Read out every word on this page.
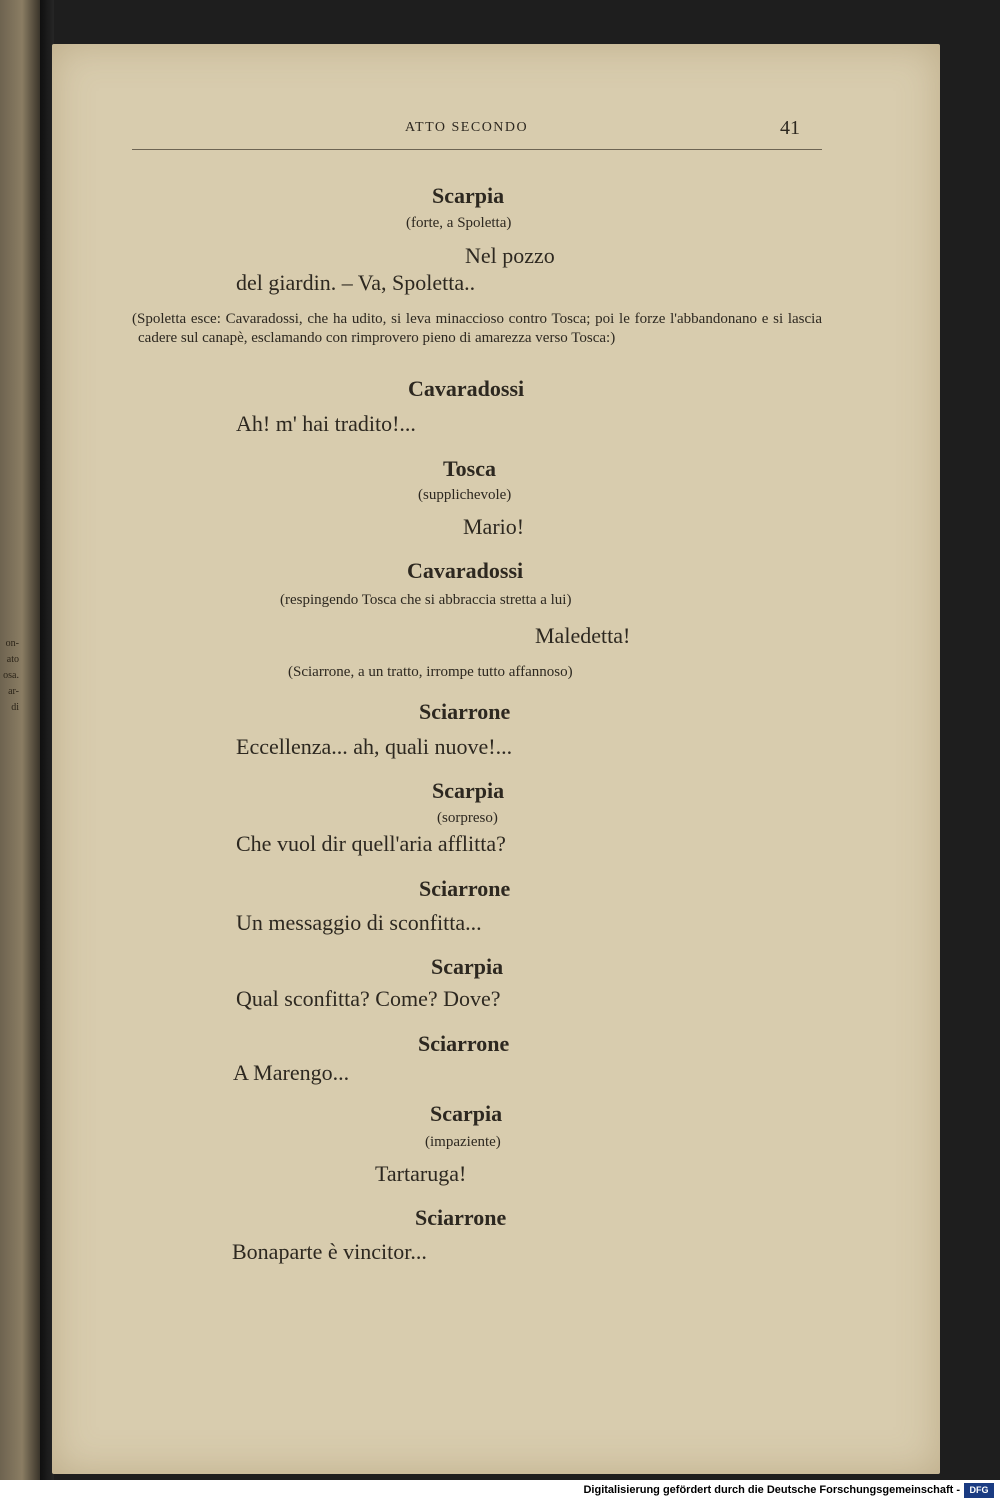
on-
ato
osa.
ar-
di
ATTO SECONDO	41
Scarpia
(forte, a Spoletta)
Nel pozzo
del giardin. – Va, Spoletta..
(Spoletta esce: Cavaradossi, che ha udito, si leva minaccioso contro Tosca; poi le forze l'abbandonano e si lascia cadere sul canapè, esclamando con rimprovero pieno di amarezza verso Tosca:)
Cavaradossi
Ah! m' hai tradito!...
Tosca
(supplichevole)
Mario!
Cavaradossi
(respingendo Tosca che si abbraccia stretta a lui)
Maledetta!
(Sciarrone, a un tratto, irrompe tutto affannoso)
Sciarrone
Eccellenza... ah, quali nuove!...
Scarpia
(sorpreso)
Che vuol dir quell'aria afflitta?
Sciarrone
Un messaggio di sconfitta...
Scarpia
Qual sconfitta? Come? Dove?
Sciarrone
A Marengo...
Scarpia
(impaziente)
Tartaruga!
Sciarrone
Bonaparte è vincitor...
Digitalisierung gefördert durch die Deutsche Forschungsgemeinschaft -	DFG
